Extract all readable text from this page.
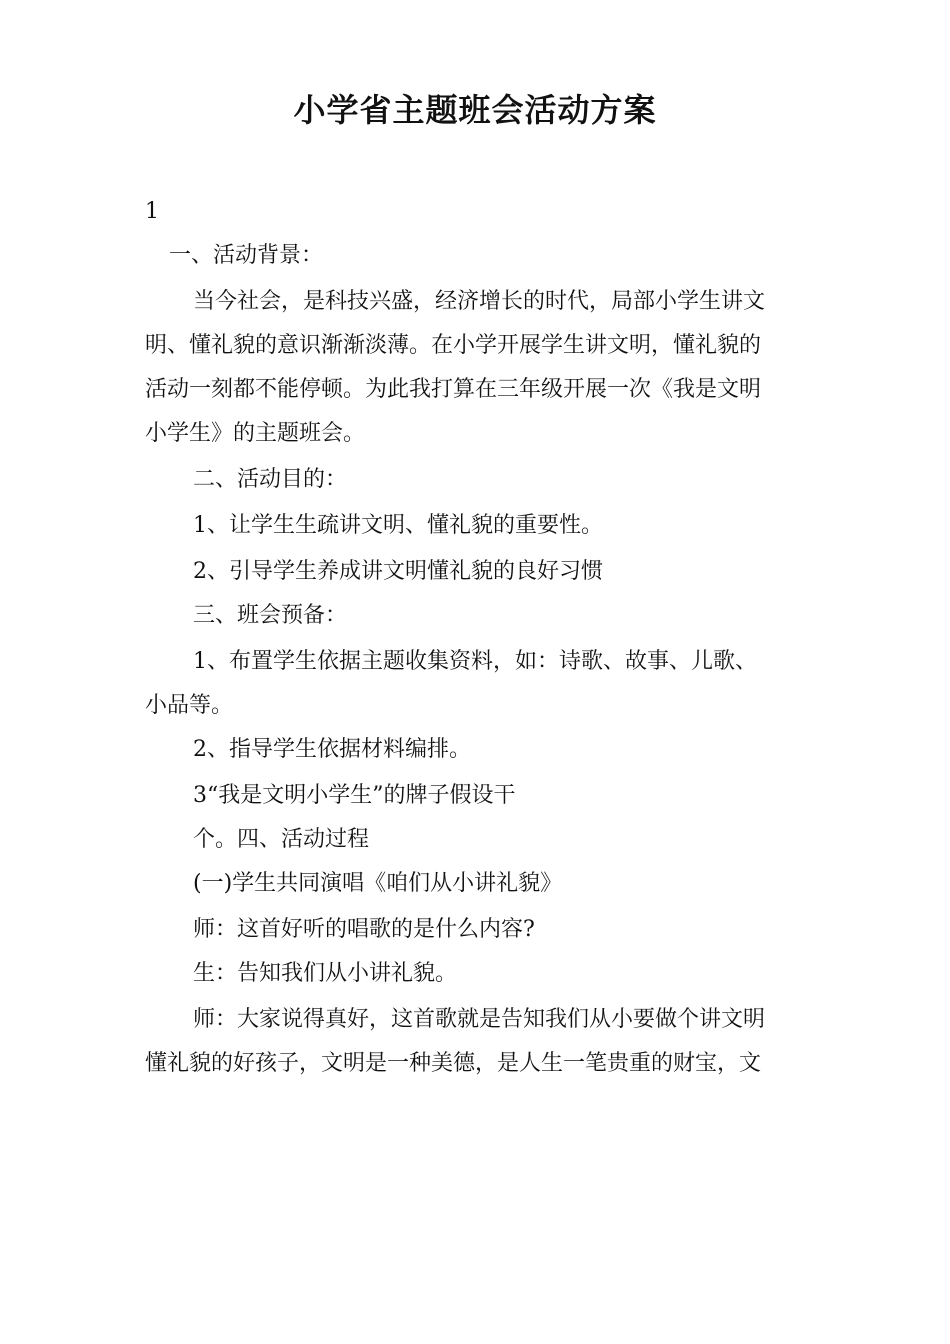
小学省主题班会活动方案

1

一、活动背景：

当今社会，是科技兴盛，经济增长的时代，局部小学生讲文

明、懂礼貌的意识渐渐淡薄。在小学开展学生讲文明，懂礼貌的

活动一刻都不能停顿。为此我打算在三年级开展一次《我是文明

小学生》的主题班会。

二、活动目的：

1、让学生生疏讲文明、懂礼貌的重要性。

2、引导学生养成讲文明懂礼貌的良好习惯

三、班会预备：

1、布置学生依据主题收集资料，如：诗歌、故事、儿歌、

小品等。

2、指导学生依据材料编排。

3“我是文明小学生”的牌子假设干

个。四、活动过程

(一)学生共同演唱《咱们从小讲礼貌》

师：这首好听的唱歌的是什么内容?

生：告知我们从小讲礼貌。

师：大家说得真好，这首歌就是告知我们从小要做个讲文明

懂礼貌的好孩子，文明是一种美德，是人生一笔贵重的财宝，文
